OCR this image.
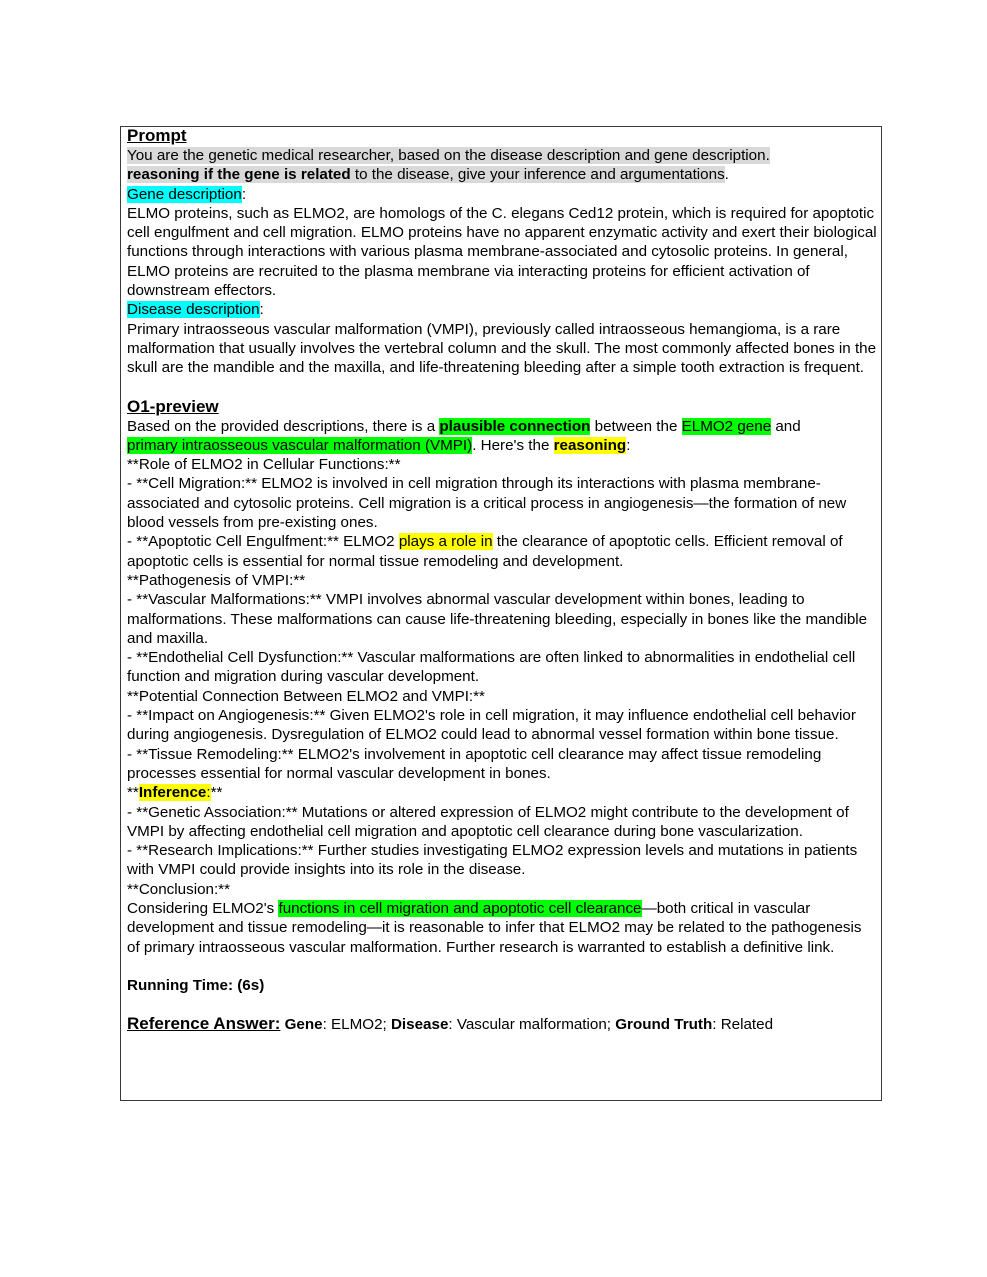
Prompt

You are the genetic medical researcher, based on the disease description and gene description.
reasoning if the gene is related to the disease, give your inference and argumentations.

Gene description:

ELMO proteins, such as ELMO2, are homologs of the C. elegans Ced12 protein, which is required for apoptotic cell engulfment and cell migration. ELMO proteins have no apparent enzymatic activity and exert their biological functions through interactions with various plasma membrane-associated and cytosolic proteins. In general, ELMO proteins are recruited to the plasma membrane via interacting proteins for efficient activation of downstream effectors.

Disease description:

Primary intraosseous vascular malformation (VMPI), previously called intraosseous hemangioma, is a rare malformation that usually involves the vertebral column and the skull. The most commonly affected bones in the skull are the mandible and the maxilla, and life-threatening bleeding after a simple tooth extraction is frequent.

O1-preview

Based on the provided descriptions, there is a plausible connection between the ELMO2 gene and
primary intraosseous vascular malformation (VMPI). Here's the reasoning:

**Role of ELMO2 in Cellular Functions:**

- **Cell Migration:** ELMO2 is involved in cell migration through its interactions with plasma membrane-associated and cytosolic proteins. Cell migration is a critical process in angiogenesis—the formation of new blood vessels from pre-existing ones.

- **Apoptotic Cell Engulfment:** ELMO2 plays a role in the clearance of apoptotic cells. Efficient removal of apoptotic cells is essential for normal tissue remodeling and development.

**Pathogenesis of VMPI:**

- **Vascular Malformations:** VMPI involves abnormal vascular development within bones, leading to malformations. These malformations can cause life-threatening bleeding, especially in bones like the mandible and maxilla.

- **Endothelial Cell Dysfunction:** Vascular malformations are often linked to abnormalities in endothelial cell function and migration during vascular development.

**Potential Connection Between ELMO2 and VMPI:**

- **Impact on Angiogenesis:** Given ELMO2's role in cell migration, it may influence endothelial cell behavior during angiogenesis. Dysregulation of ELMO2 could lead to abnormal vessel formation within bone tissue.

- **Tissue Remodeling:** ELMO2's involvement in apoptotic cell clearance may affect tissue remodeling processes essential for normal vascular development in bones.

**Inference:**

- **Genetic Association:** Mutations or altered expression of ELMO2 might contribute to the development of VMPI by affecting endothelial cell migration and apoptotic cell clearance during bone vascularization.

- **Research Implications:** Further studies investigating ELMO2 expression levels and mutations in patients with VMPI could provide insights into its role in the disease.

**Conclusion:**

Considering ELMO2's functions in cell migration and apoptotic cell clearance—both critical in vascular development and tissue remodeling—it is reasonable to infer that ELMO2 may be related to the pathogenesis of primary intraosseous vascular malformation. Further research is warranted to establish a definitive link.

Running Time: (6s)

Reference Answer: Gene: ELMO2; Disease: Vascular malformation; Ground Truth: Related
